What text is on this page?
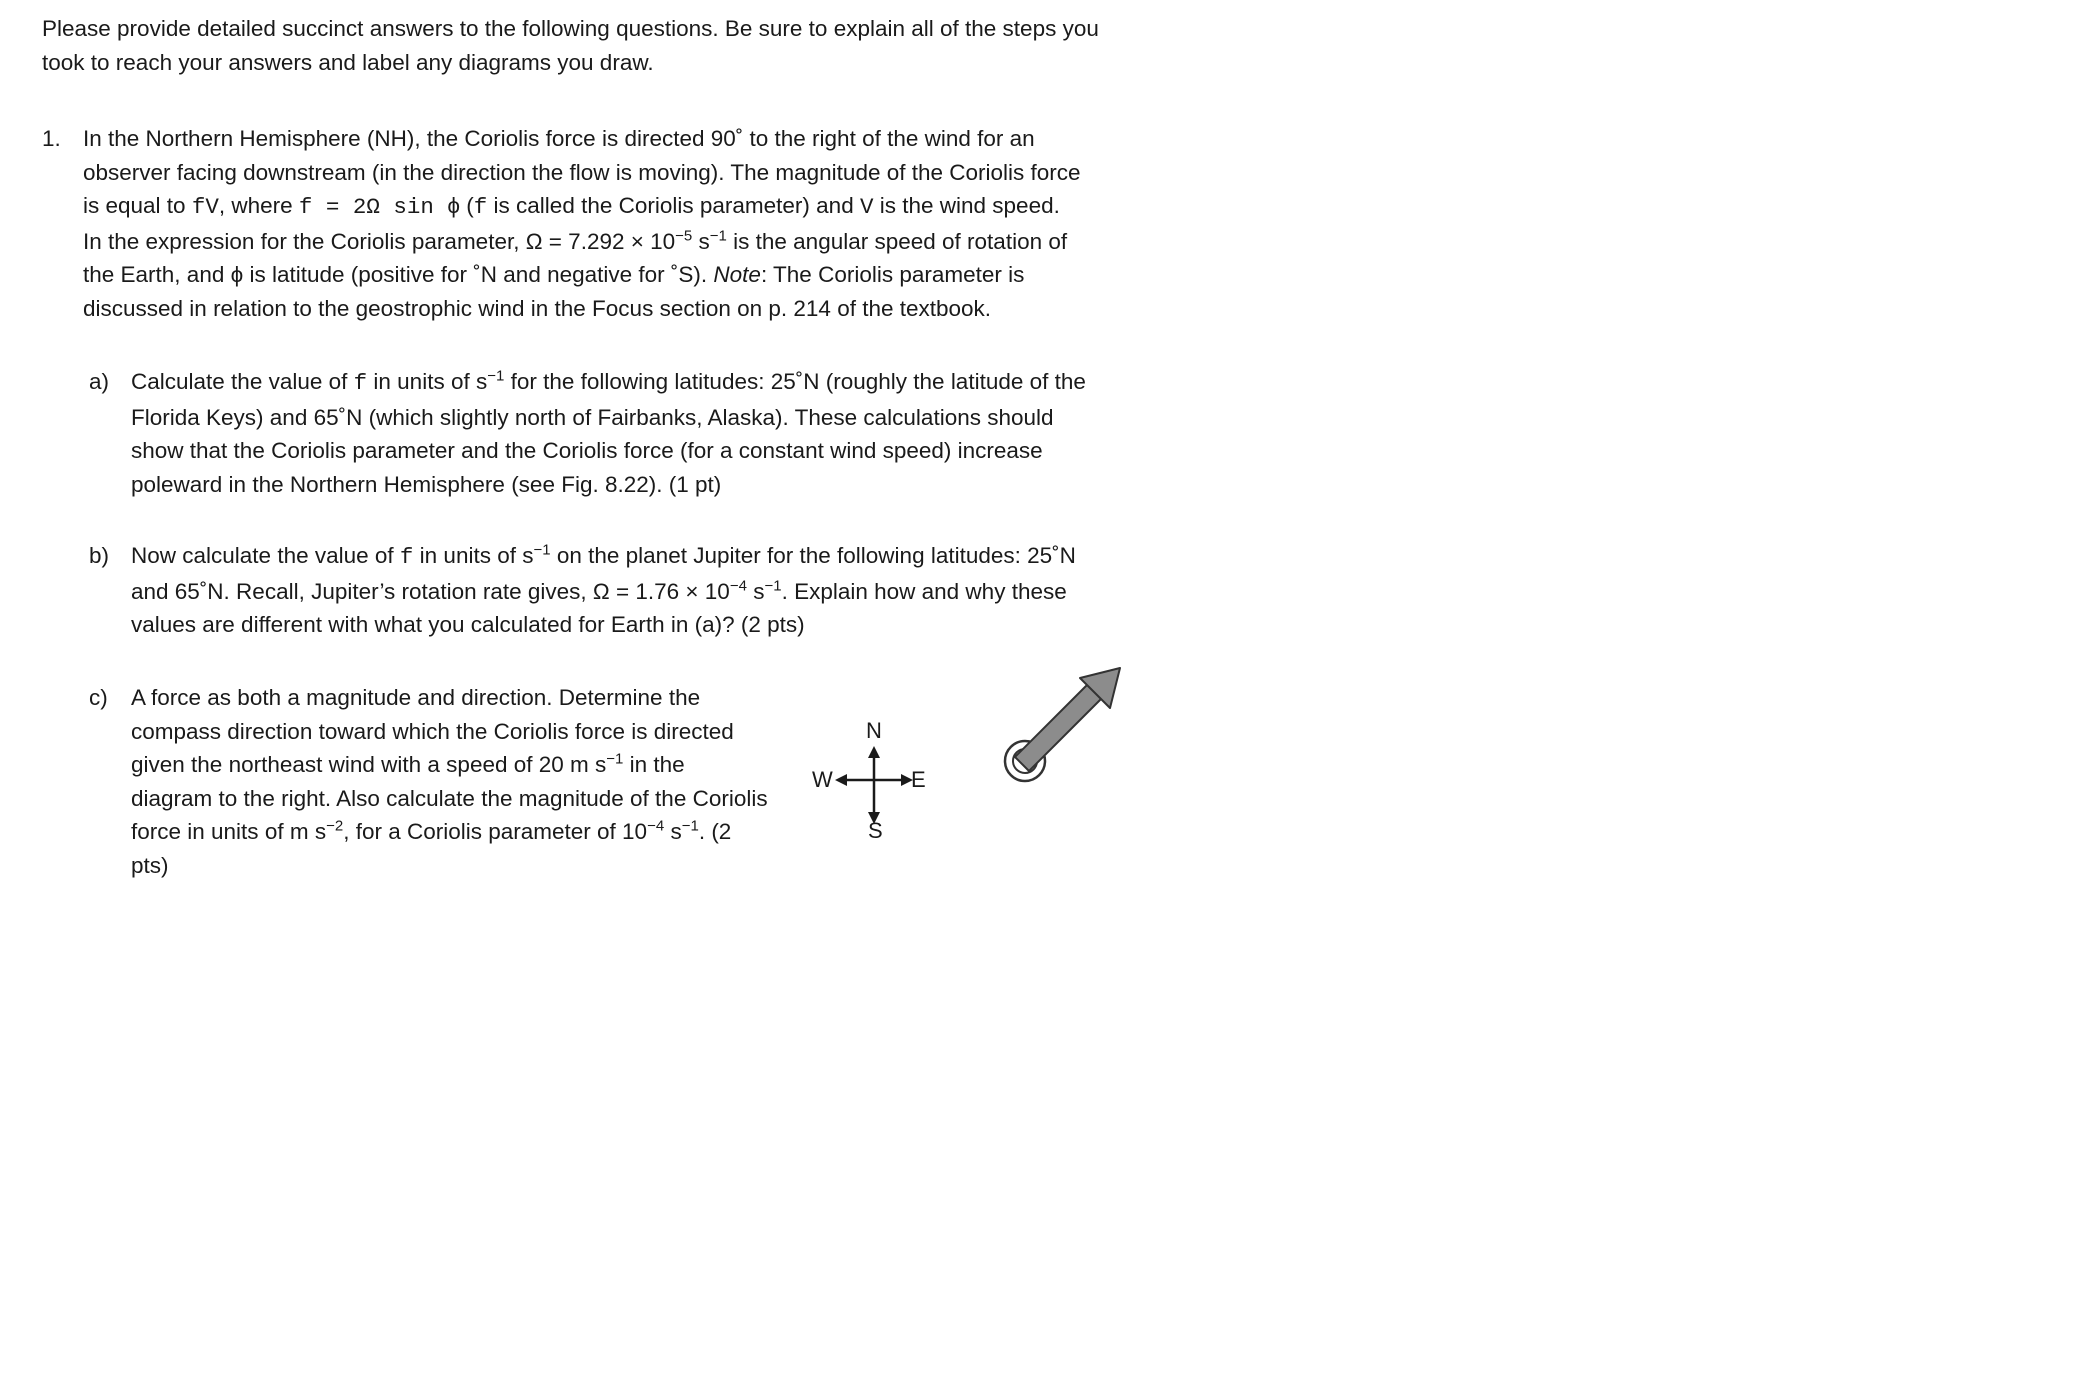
Please provide detailed succinct answers to the following questions. Be sure to explain all of the steps you took to reach your answers and label any diagrams you draw.
1. In the Northern Hemisphere (NH), the Coriolis force is directed 90˚ to the right of the wind for an observer facing downstream (in the direction the flow is moving). The magnitude of the Coriolis force is equal to fV, where f = 2Ω sin ϕ (f is called the Coriolis parameter) and V is the wind speed. In the expression for the Coriolis parameter, $\Omega = 7.292 \times 10^{-5}$ $s^{-1}$ is the angular speed of rotation of the Earth, and ϕ is latitude (positive for ˚N and negative for ˚S). Note: The Coriolis parameter is discussed in relation to the geostrophic wind in the Focus section on p. 214 of the textbook.
a) Calculate the value of f in units of $s^{-1}$ for the following latitudes: 25˚N (roughly the latitude of the Florida Keys) and 65˚N (which slightly north of Fairbanks, Alaska). These calculations should show that the Coriolis parameter and the Coriolis force (for a constant wind speed) increase poleward in the Northern Hemisphere (see Fig. 8.22). (1 pt)
b) Now calculate the value of f in units of $s^{-1}$ on the planet Jupiter for the following latitudes: 25˚N and 65˚N. Recall, Jupiter’s rotation rate gives, $\Omega = 1.76 \times 10^{-4}$ $s^{-1}$. Explain how and why these values are different with what you calculated for Earth in (a)? (2 pts)
c) A force as both a magnitude and direction. Determine the compass direction toward which the Coriolis force is directed given the northeast wind with a speed of 20 m $s^{-1}$ in the diagram to the right. Also calculate the magnitude of the Coriolis force in units of m $s^{-2}$, for a Coriolis parameter of $10^{-4}$ $s^{-1}$. (2 pts)
N
S
W	E
wind
